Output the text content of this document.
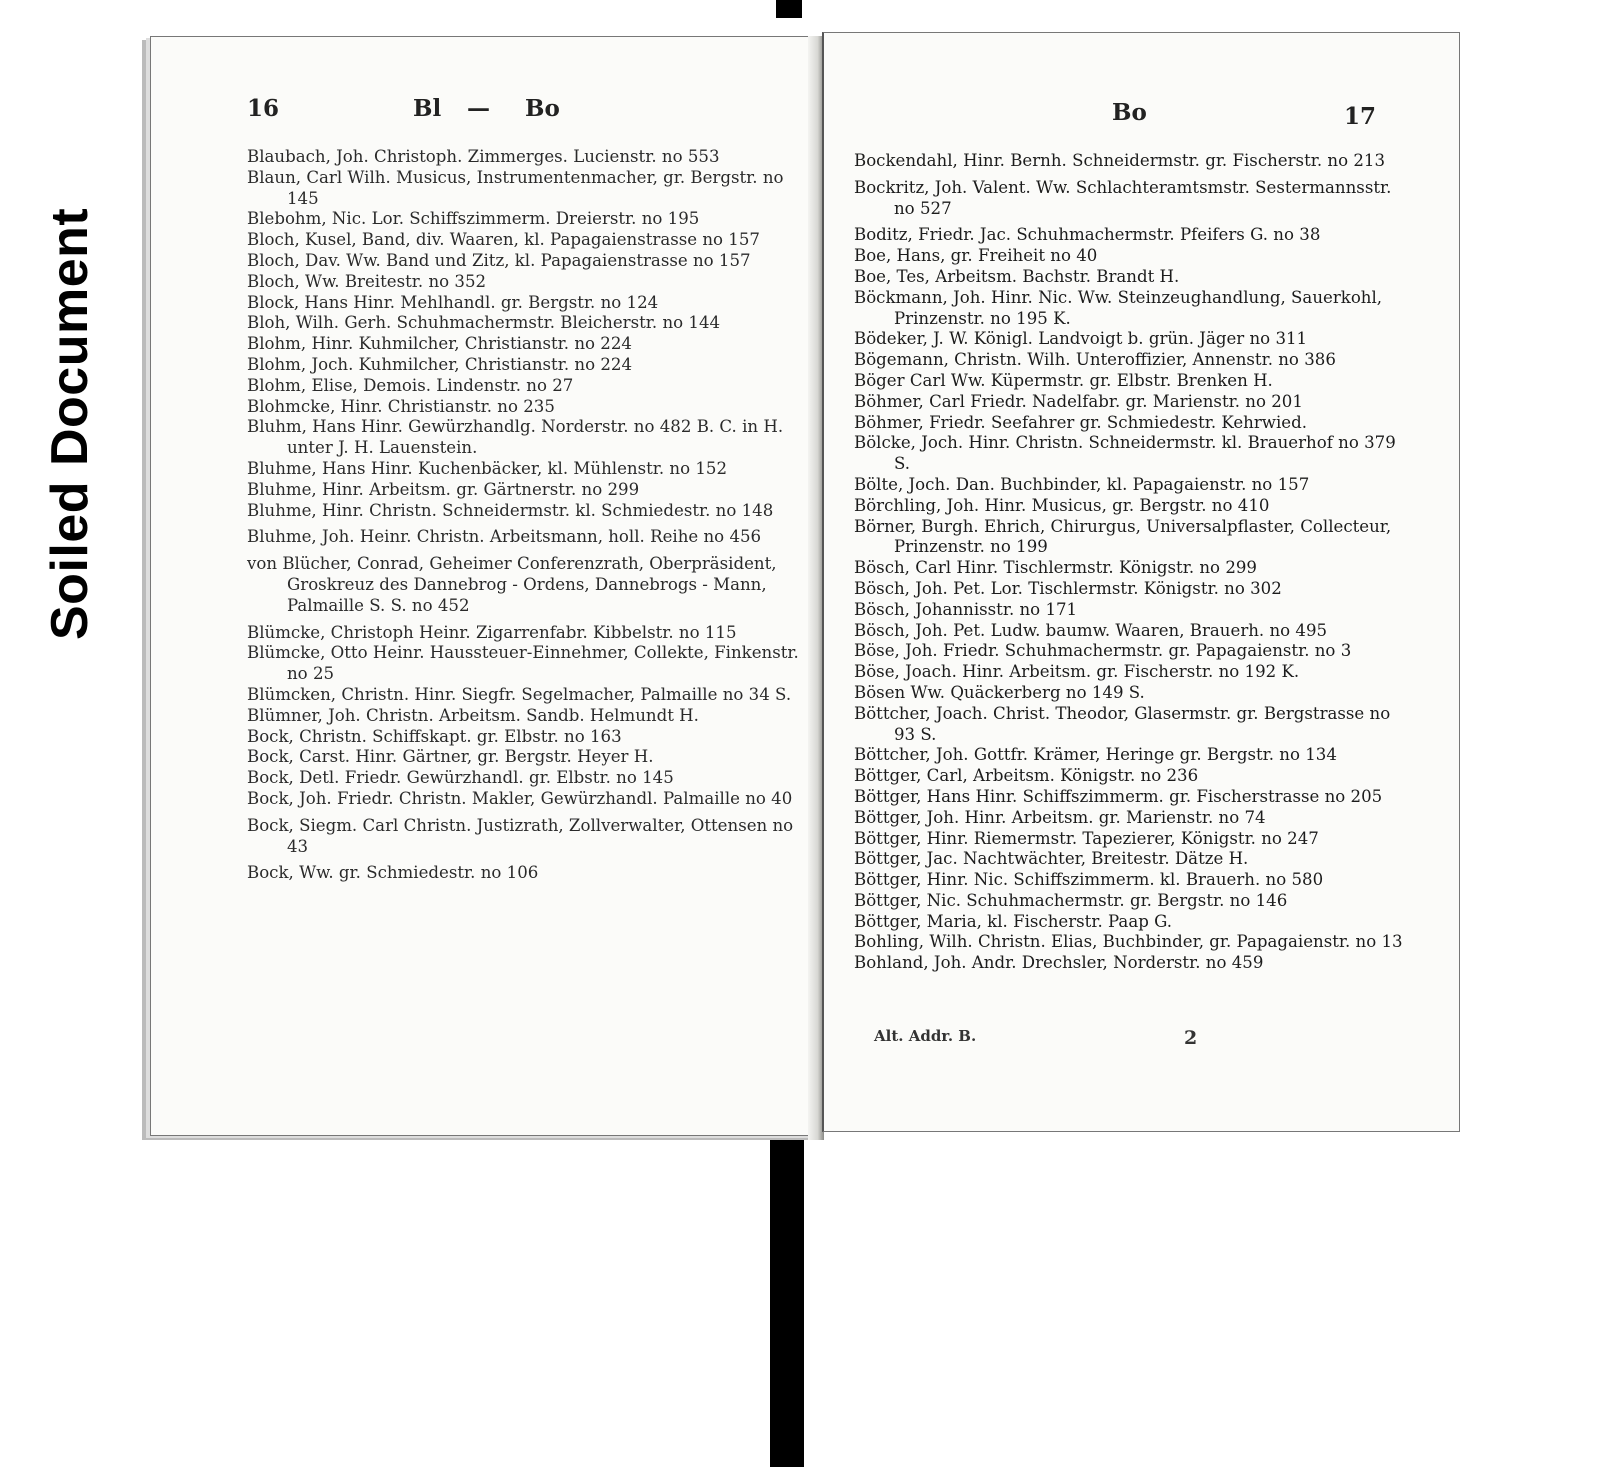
Soiled Document
16	Bl — Bo
Blaubach, Joh. Christoph. Zimmerges. Lucienstr. no 553
Blaun, Carl Wilh. Musicus, Instrumentenmacher, gr. Bergstr. no 145
Blebohm, Nic. Lor. Schiffszimmerm. Dreierstr. no 195
Bloch, Kusel, Band, div. Waaren, kl. Papagaienstrasse no 157
Bloch, Dav. Ww. Band und Zitz, kl. Papagaienstrasse no 157
Bloch, Ww. Breitestr. no 352
Block, Hans Hinr. Mehlhandl. gr. Bergstr. no 124
Bloh, Wilh. Gerh. Schuhmachermstr. Bleicherstr. no 144
Blohm, Hinr. Kuhmilcher, Christianstr. no 224
Blohm, Joch. Kuhmilcher, Christianstr. no 224
Blohm, Elise, Demois. Lindenstr. no 27
Blohmcke, Hinr. Christianstr. no 235
Bluhm, Hans Hinr. Gewürzhandlg. Norderstr. no 482 B. C. in H. unter J. H. Lauenstein.
Bluhme, Hans Hinr. Kuchenbäcker, kl. Mühlenstr. no 152
Bluhme, Hinr. Arbeitsm. gr. Gärtnerstr. no 299
Bluhme, Hinr. Christn. Schneidermstr. kl. Schmiedestr. no 148
Bluhme, Joh. Heinr. Christn. Arbeitsmann, holl. Reihe no 456
von Blücher, Conrad, Geheimer Conferenzrath, Oberpräsident, Groskreuz des Dannebrog - Ordens, Dannebrogs - Mann, Palmaille S. S. no 452
Blümcke, Christoph Heinr. Zigarrenfabr. Kibbelstr. no 115
Blümcke, Otto Heinr. Haussteuer-Einnehmer, Collekte, Finkenstr. no 25
Blümcken, Christn. Hinr. Siegfr. Segelmacher, Palmaille no 34 S.
Blümner, Joh. Christn. Arbeitsm. Sandb. Helmundt H.
Bock, Christn. Schiffskapt. gr. Elbstr. no 163
Bock, Carst. Hinr. Gärtner, gr. Bergstr. Heyer H.
Bock, Detl. Friedr. Gewürzhandl. gr. Elbstr. no 145
Bock, Joh. Friedr. Christn. Makler, Gewürzhandl. Palmaille no 40
Bock, Siegm. Carl Christn. Justizrath, Zollverwalter, Ottensen no 43
Bock, Ww. gr. Schmiedestr. no 106
Bo	17
Bockendahl, Hinr. Bernh. Schneidermstr. gr. Fischerstr. no 213
Bockritz, Joh. Valent. Ww. Schlachteramtsmstr. Sestermannsstr. no 527
Boditz, Friedr. Jac. Schuhmachermstr. Pfeifers G. no 38
Boe, Hans, gr. Freiheit no 40
Boe, Tes, Arbeitsm. Bachstr. Brandt H.
Böckmann, Joh. Hinr. Nic. Ww. Steinzeughandlung, Sauerkohl, Prinzenstr. no 195 K.
Bödeker, J. W. Königl. Landvoigt b. grün. Jäger no 311
Bögemann, Christn. Wilh. Unteroffizier, Annenstr. no 386
Böger Carl Ww. Küpermstr. gr. Elbstr. Brenken H.
Böhmer, Carl Friedr. Nadelfabr. gr. Marienstr. no 201
Böhmer, Friedr. Seefahrer gr. Schmiedestr. Kehrwied.
Bölcke, Joch. Hinr. Christn. Schneidermstr. kl. Brauerhof no 379 S.
Bölte, Joch. Dan. Buchbinder, kl. Papagaienstr. no 157
Börchling, Joh. Hinr. Musicus, gr. Bergstr. no 410
Börner, Burgh. Ehrich, Chirurgus, Universalpflaster, Collecteur, Prinzenstr. no 199
Bösch, Carl Hinr. Tischlermstr. Königstr. no 299
Bösch, Joh. Pet. Lor. Tischlermstr. Königstr. no 302
Bösch, Johannisstr. no 171
Bösch, Joh. Pet. Ludw. baumw. Waaren, Brauerh. no 495
Böse, Joh. Friedr. Schuhmachermstr. gr. Papagaienstr. no 3
Böse, Joach. Hinr. Arbeitsm. gr. Fischerstr. no 192 K.
Bösen Ww. Quäckerberg no 149 S.
Böttcher, Joach. Christ. Theodor, Glasermstr. gr. Bergstrasse no 93 S.
Böttcher, Joh. Gottfr. Krämer, Heringe gr. Bergstr. no 134
Böttger, Carl, Arbeitsm. Königstr. no 236
Böttger, Hans Hinr. Schiffszimmerm. gr. Fischerstrasse no 205
Böttger, Joh. Hinr. Arbeitsm. gr. Marienstr. no 74
Böttger, Hinr. Riemermstr. Tapezierer, Königstr. no 247
Böttger, Jac. Nachtwächter, Breitestr. Dätze H.
Böttger, Hinr. Nic. Schiffszimmerm. kl. Brauerh. no 580
Böttger, Nic. Schuhmachermstr. gr. Bergstr. no 146
Böttger, Maria, kl. Fischerstr. Paap G.
Bohling, Wilh. Christn. Elias, Buchbinder, gr. Papagaienstr. no 13
Bohland, Joh. Andr. Drechsler, Norderstr. no 459
Alt. Addr. B.	2
